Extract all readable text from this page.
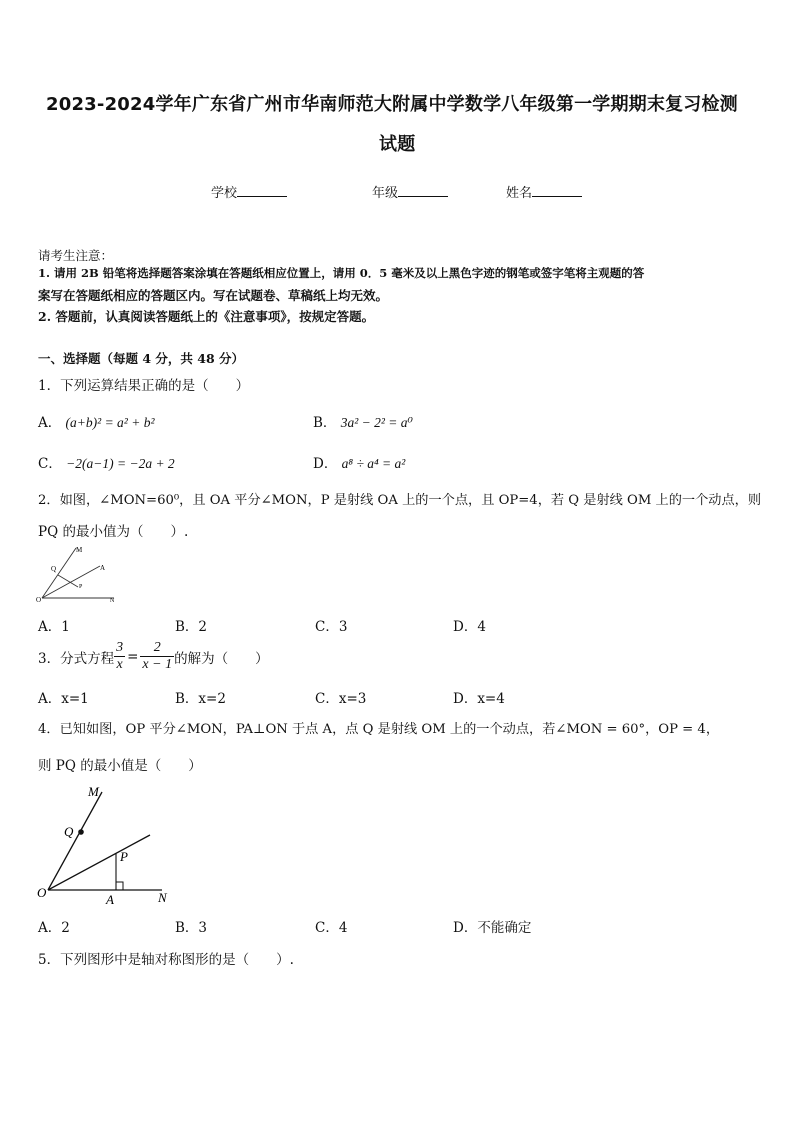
2023-2024学年广东省广州市华南师范大附属中学数学八年级第一学期期末复习检测
试题
学校	年级	姓名
请考生注意：
1. 请用 2B 铅笔将选择题答案涂填在答题纸相应位置上，请用 0．5 毫米及以上黑色字迹的钢笔或签字笔将主观题的答
案写在答题纸相应的答题区内。写在试题卷、草稿纸上均无效。
2. 答题前，认真阅读答题纸上的《注意事项》，按规定答题。
一、选择题（每题 4 分，共 48 分）
1．下列运算结果正确的是（　　）
A． (a+b)² = a² + b²	B． 3a² − 2² = a⁰
C． −2(a−1) = −2a + 2	D． a⁸ ÷ a⁴ = a²
2．如图，∠MON=60⁰，且 OA 平分∠MON，P 是射线 OA 上的一个点，且 OP=4，若 Q 是射线 OM 上的一个动点，则
PQ 的最小值为（　　）.
M
Q	A
P
O	N
A．1	B．2	C．3	D．4
3．分式方程 $\frac{3}{x} = \frac{2}{x - 1}$ 的解为（　　）
A．x=1	B．x=2	C．x=3	D．x=4
4．已知如图，OP 平分∠MON，PA⊥ON 于点 A，点 Q 是射线 OM 上的一个动点，若∠MON = 60°，OP = 4，
则 PQ 的最小值是（　　）
M
Q
P
O	A	N
A．2	B．3	C．4	D．不能确定
5．下列图形中是轴对称图形的是（　　）.
